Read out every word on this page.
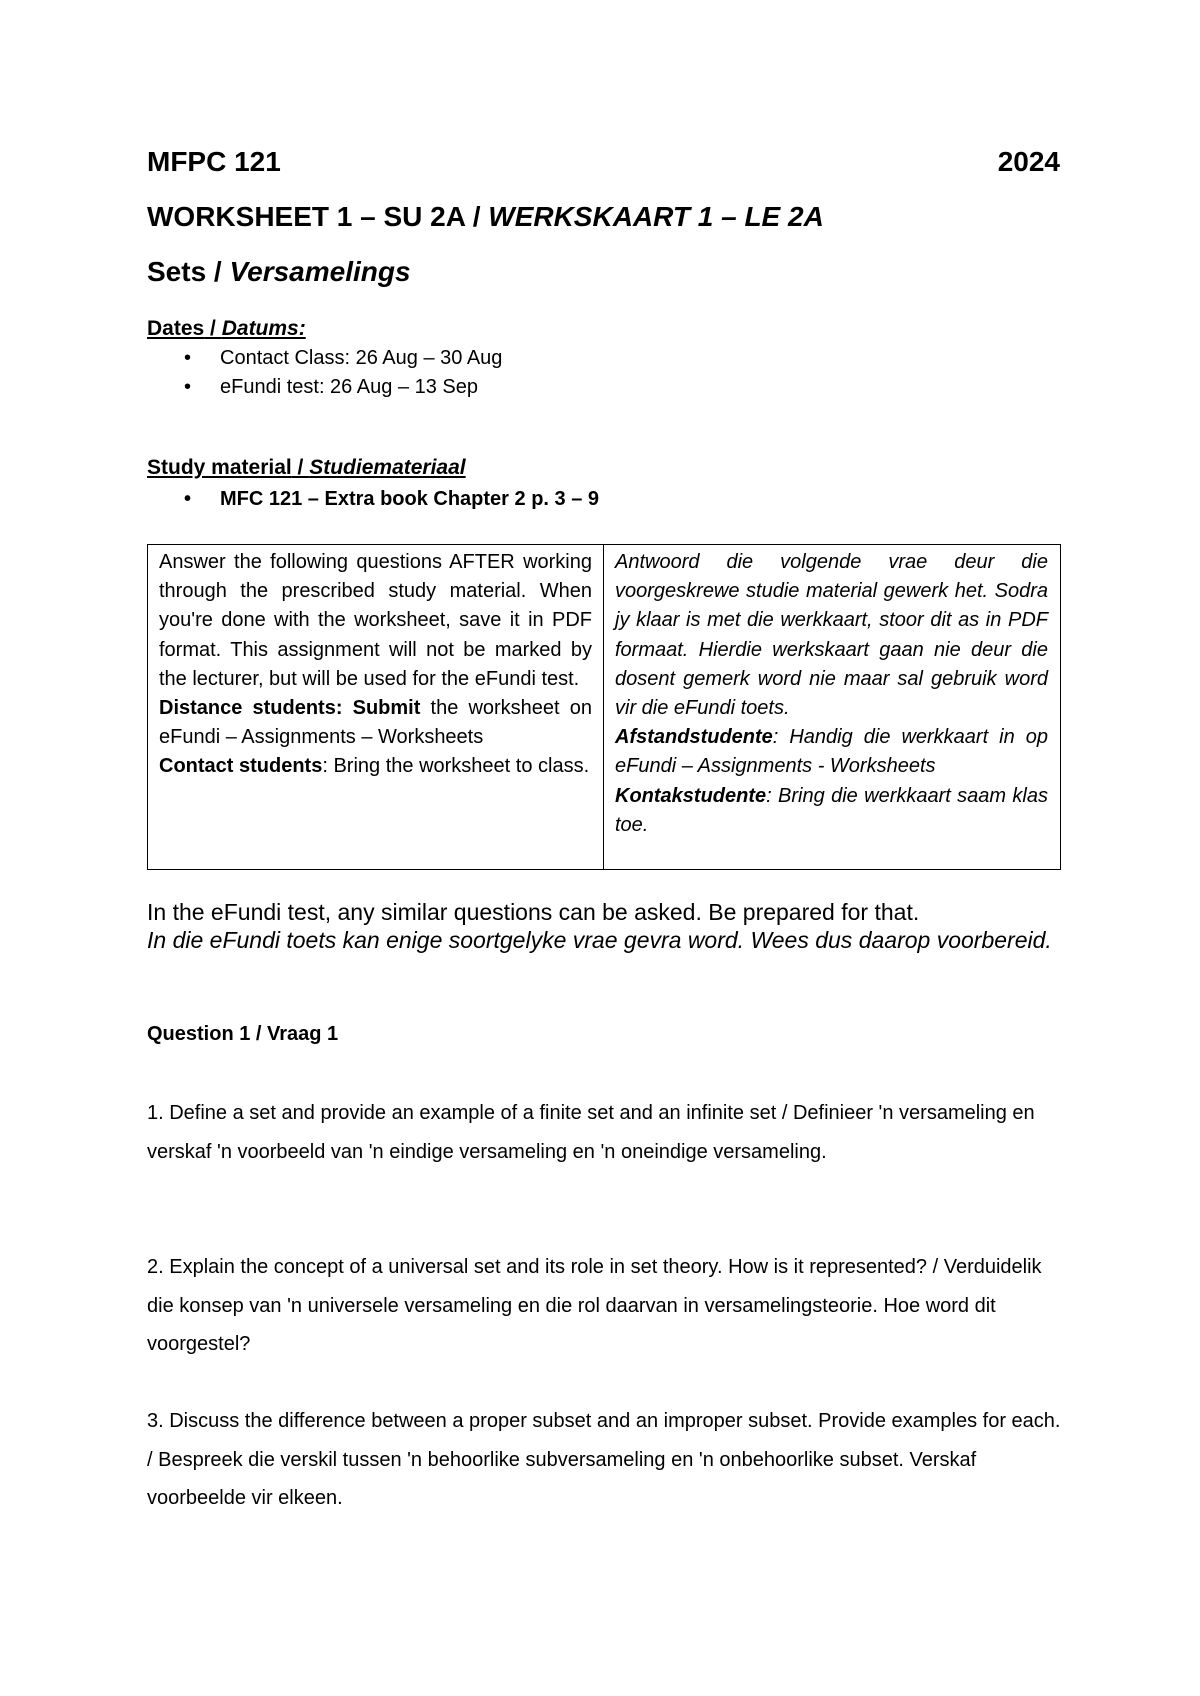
MFPC 121	2024
WORKSHEET 1 – SU 2A / WERKSKAART 1 – LE 2A
Sets / Versamelings
Dates / Datums:
• Contact Class: 26 Aug – 30 Aug
• eFundi test: 26 Aug – 13 Sep
Study material / Studiemateriaal
• MFC 121 – Extra book Chapter 2 p. 3 – 9

Answer the following questions AFTER working through the prescribed study material. When you're done with the worksheet, save it in PDF format. This assignment will not be marked by the lecturer, but will be used for the eFundi test.

Distance students: Submit the worksheet on eFundi – Assignments – Worksheets

Contact students: Bring the worksheet to class.

Antwoord die volgende vrae deur die voorgeskrewe studie material gewerk het. Sodra jy klaar is met die werkkaart, stoor dit as in PDF formaat. Hierdie werkskaart gaan nie deur die dosent gemerk word nie maar sal gebruik word vir die eFundi toets.

Afstandstudente: Handig die werkkaart in op eFundi – Assignments - Worksheets

Kontakstudente: Bring die werkkaart saam klas toe.

In the eFundi test, any similar questions can be asked. Be prepared for that.

In die eFundi toets kan enige soortgelyke vrae gevra word. Wees dus daarop voorbereid.

Question 1 / Vraag 1

1. Define a set and provide an example of a finite set and an infinite set / Definieer 'n versameling en verskaf 'n voorbeeld van 'n eindige versameling en 'n oneindige versameling.

2. Explain the concept of a universal set and its role in set theory. How is it represented? / Verduidelik die konsep van 'n universele versameling en die rol daarvan in versamelingsteorie. Hoe word dit voorgestel?

3. Discuss the difference between a proper subset and an improper subset. Provide examples for each. / Bespreek die verskil tussen 'n behoorlike subversameling en 'n onbehoorlike subset. Verskaf voorbeelde vir elkeen.
